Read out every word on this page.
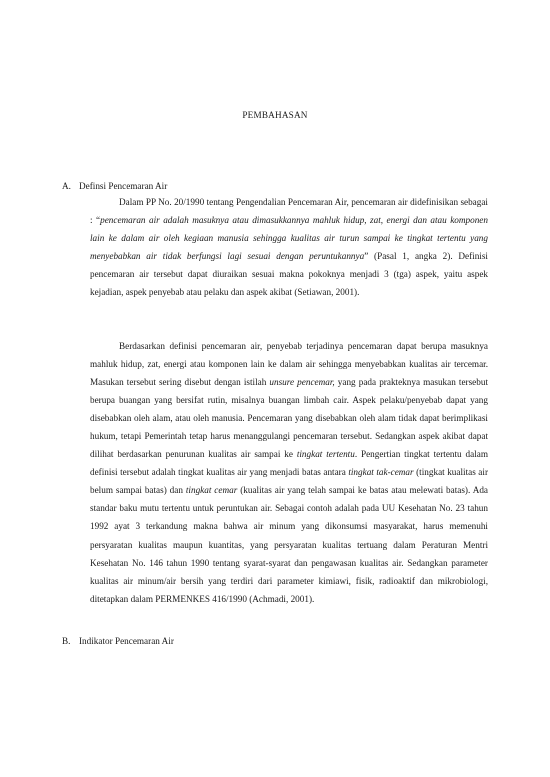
PEMBAHASAN
A. Definsi Pencemaran Air

Dalam PP No. 20/1990 tentang Pengendalian Pencemaran Air, pencemaran air didefinisikan sebagai : “pencemaran air adalah masuknya atau dimasukkannya mahluk hidup, zat, energi dan atau komponen lain ke dalam air oleh kegiaan manusia sehingga kualitas air turun sampai ke tingkat tertentu yang menyebabkan air tidak berfungsi lagi sesuai dengan peruntukannya” (Pasal 1, angka 2). Definisi pencemaran air tersebut dapat diuraikan sesuai makna pokoknya menjadi 3 (tga) aspek, yaitu aspek kejadian, aspek penyebab atau pelaku dan aspek akibat (Setiawan, 2001).

Berdasarkan definisi pencemaran air, penyebab terjadinya pencemaran dapat berupa masuknya mahluk hidup, zat, energi atau komponen lain ke dalam air sehingga menyebabkan kualitas air tercemar. Masukan tersebut sering disebut dengan istilah unsure pencemar, yang pada prakteknya masukan tersebut berupa buangan yang bersifat rutin, misalnya buangan limbah cair. Aspek pelaku/penyebab dapat yang disebabkan oleh alam, atau oleh manusia. Pencemaran yang disebabkan oleh alam tidak dapat berimplikasi hukum, tetapi Pemerintah tetap harus menanggulangi pencemaran tersebut. Sedangkan aspek akibat dapat dilihat berdasarkan penurunan kualitas air sampai ke tingkat tertentu. Pengertian tingkat tertentu dalam definisi tersebut adalah tingkat kualitas air yang menjadi batas antara tingkat tak-cemar (tingkat kualitas air belum sampai batas) dan tingkat cemar (kualitas air yang telah sampai ke batas atau melewati batas). Ada standar baku mutu tertentu untuk peruntukan air. Sebagai contoh adalah pada UU Kesehatan No. 23 tahun 1992 ayat 3 terkandung makna bahwa air minum yang dikonsumsi masyarakat, harus memenuhi persyaratan kualitas maupun kuantitas, yang persyaratan kualitas tertuang dalam Peraturan Mentri Kesehatan No. 146 tahun 1990 tentang syarat-syarat dan pengawasan kualitas air. Sedangkan parameter kualitas air minum/air bersih yang terdiri dari parameter kimiawi, fisik, radioaktif dan mikrobiologi, ditetapkan dalam PERMENKES 416/1990 (Achmadi, 2001).

B. Indikator Pencemaran Air
